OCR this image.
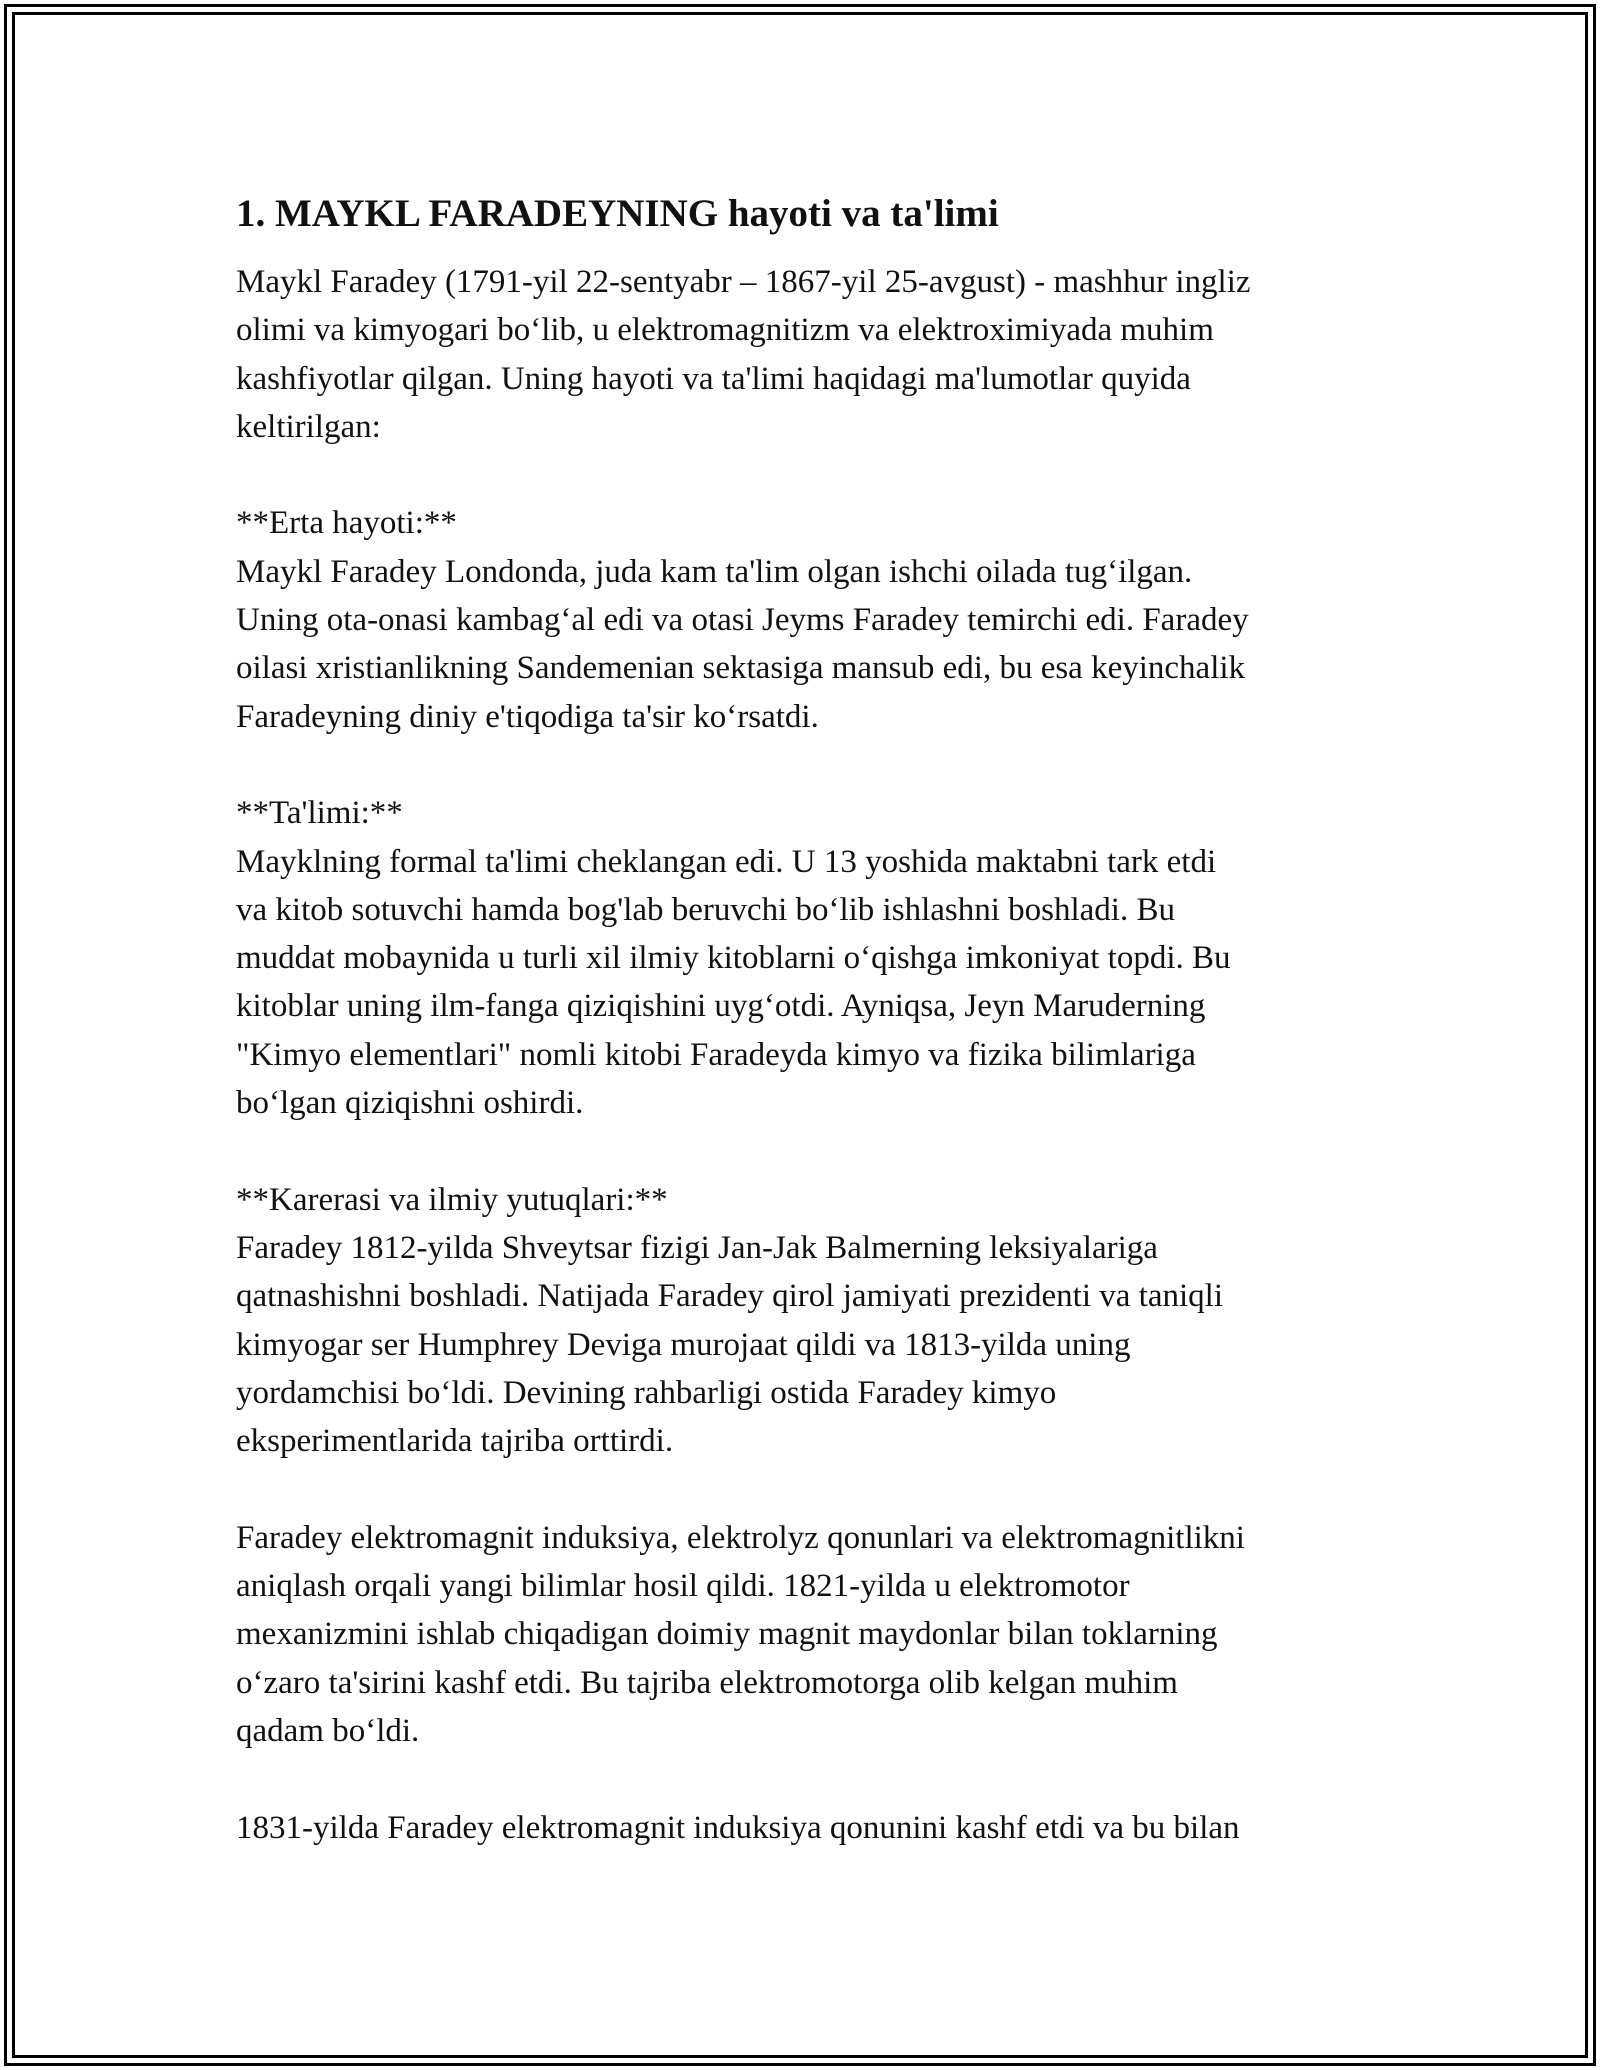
1. MAYKL FARADEYNING hayoti va ta'limi
Maykl Faradey (1791-yil 22-sentyabr – 1867-yil 25-avgust) - mashhur ingliz
olimi va kimyogari bo‘lib, u elektromagnitizm va elektroximiyada muhim
kashfiyotlar qilgan. Uning hayoti va ta'limi haqidagi ma'lumotlar quyida
keltirilgan:
**Erta hayoti:**
Maykl Faradey Londonda, juda kam ta'lim olgan ishchi oilada tug‘ilgan.
Uning ota-onasi kambag‘al edi va otasi Jeyms Faradey temirchi edi. Faradey
oilasi xristianlikning Sandemenian sektasiga mansub edi, bu esa keyinchalik
Faradeyning diniy e'tiqodiga ta'sir ko‘rsatdi.
**Ta'limi:**
Mayklning formal ta'limi cheklangan edi. U 13 yoshida maktabni tark etdi
va kitob sotuvchi hamda bog'lab beruvchi bo‘lib ishlashni boshladi. Bu
muddat mobaynida u turli xil ilmiy kitoblarni o‘qishga imkoniyat topdi. Bu
kitoblar uning ilm-fanga qiziqishini uyg‘otdi. Ayniqsa, Jeyn Maruderning
"Kimyo elementlari" nomli kitobi Faradeyda kimyo va fizika bilimlariga
bo‘lgan qiziqishni oshirdi.
**Karerasi va ilmiy yutuqlari:**
Faradey 1812-yilda Shveytsar fizigi Jan-Jak Balmerning leksiyalariga
qatnashishni boshladi. Natijada Faradey qirol jamiyati prezidenti va taniqli
kimyogar ser Humphrey Deviga murojaat qildi va 1813-yilda uning
yordamchisi bo‘ldi. Devining rahbarligi ostida Faradey kimyo
eksperimentlarida tajriba orttirdi.
Faradey elektromagnit induksiya, elektrolyz qonunlari va elektromagnitlikni
aniqlash orqali yangi bilimlar hosil qildi. 1821-yilda u elektromotor
mexanizmini ishlab chiqadigan doimiy magnit maydonlar bilan toklarning
o‘zaro ta'sirini kashf etdi. Bu tajriba elektromotorga olib kelgan muhim
qadam bo‘ldi.
1831-yilda Faradey elektromagnit induksiya qonunini kashf etdi va bu bilan
